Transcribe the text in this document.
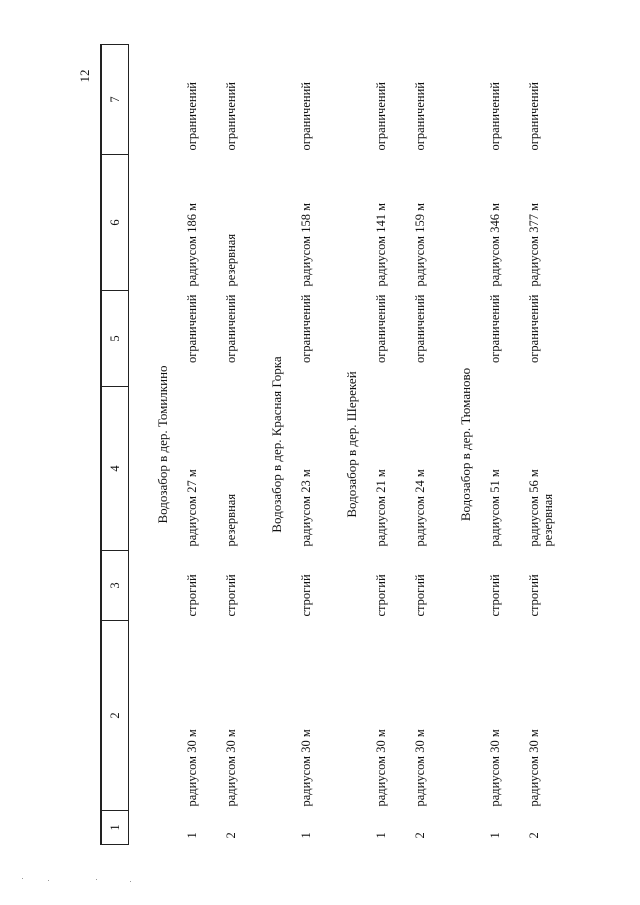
12
1	2	3	4	5	6	7

Водозабор в дер. Томилкино						
1	радиусом 30 м	строгий	радиусом 27 м	ограничений	радиусом 186 м	ограничений
2	радиусом 30 м	строгий	резервная	ограничений	резервная	ограничений
Водозабор в дер. Красная Горка						
1	радиусом 30 м	строгий	радиусом 23 м	ограничений	радиусом 158 м	ограничений
Водозабор в дер. Шерекей						
1	радиусом 30 м	строгий	радиусом 21 м	ограничений	радиусом 141 м	ограничений
2	радиусом 30 м	строгий	радиусом 24 м	ограничений	радиусом 159 м	ограничений
Водозабор в дер. Тюманово						
1	радиусом 30 м	строгий	радиусом 51 м	ограничений	радиусом 346 м	ограничений
2	радиусом 30 м	строгий	радиусом 56 м резервная	ограничений	радиусом 377 м	ограничений
